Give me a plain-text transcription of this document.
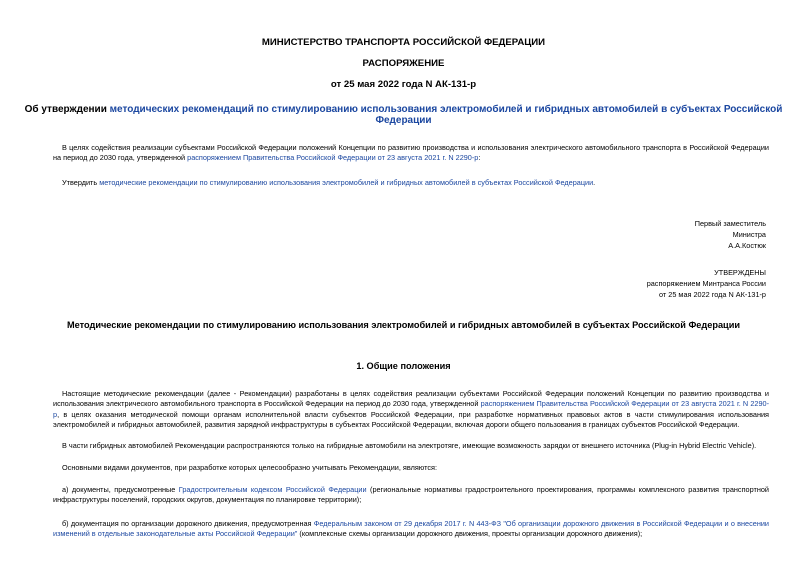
МИНИСТЕРСТВО ТРАНСПОРТА РОССИЙСКОЙ ФЕДЕРАЦИИ
РАСПОРЯЖЕНИЕ
от 25 мая 2022 года N АК-131-р
Об утверждении методических рекомендаций по стимулированию использования электромобилей и гибридных автомобилей в субъектах Российской Федерации
В целях содействия реализации субъектами Российской Федерации положений Концепции по развитию производства и использования электрического автомобильного транспорта в Российской Федерации на период до 2030 года, утвержденной распоряжением Правительства Российской Федерации от 23 августа 2021 г. N 2290-р:
Утвердить методические рекомендации по стимулированию использования электромобилей и гибридных автомобилей в субъектах Российской Федерации.
Первый заместитель
Министра
А.А.Костюк
УТВЕРЖДЕНЫ
распоряжением Минтранса России
от 25 мая 2022 года N АК-131-р
Методические рекомендации по стимулированию использования электромобилей и гибридных автомобилей в субъектах Российской Федерации
1. Общие положения
Настоящие методические рекомендации (далее - Рекомендации) разработаны в целях содействия реализации субъектами Российской Федерации положений Концепции по развитию производства и использования электрического автомобильного транспорта в Российской Федерации на период до 2030 года, утвержденной распоряжением Правительства Российской Федерации от 23 августа 2021 г. N 2290-р, в целях оказания методической помощи органам исполнительной власти субъектов Российской Федерации, при разработке нормативных правовых актов в части стимулирования использования электромобилей и гибридных автомобилей, развития зарядной инфраструктуры в субъектах Российской Федерации, включая дороги общего пользования в границах субъектов Российской Федерации.
В части гибридных автомобилей Рекомендации распространяются только на гибридные автомобили на электротяге, имеющие возможность зарядки от внешнего источника (Plug-in Hybrid Electric Vehicle).
Основными видами документов, при разработке которых целесообразно учитывать Рекомендации, являются:
а) документы, предусмотренные Градостроительным кодексом Российской Федерации (региональные нормативы градостроительного проектирования, программы комплексного развития транспортной инфраструктуры поселений, городских округов, документация по планировке территории);
б) документация по организации дорожного движения, предусмотренная Федеральным законом от 29 декабря 2017 г. N 443-ФЗ "Об организации дорожного движения в Российской Федерации и о внесении изменений в отдельные законодательные акты Российской Федерации" (комплексные схемы организации дорожного движения, проекты организации дорожного движения);
